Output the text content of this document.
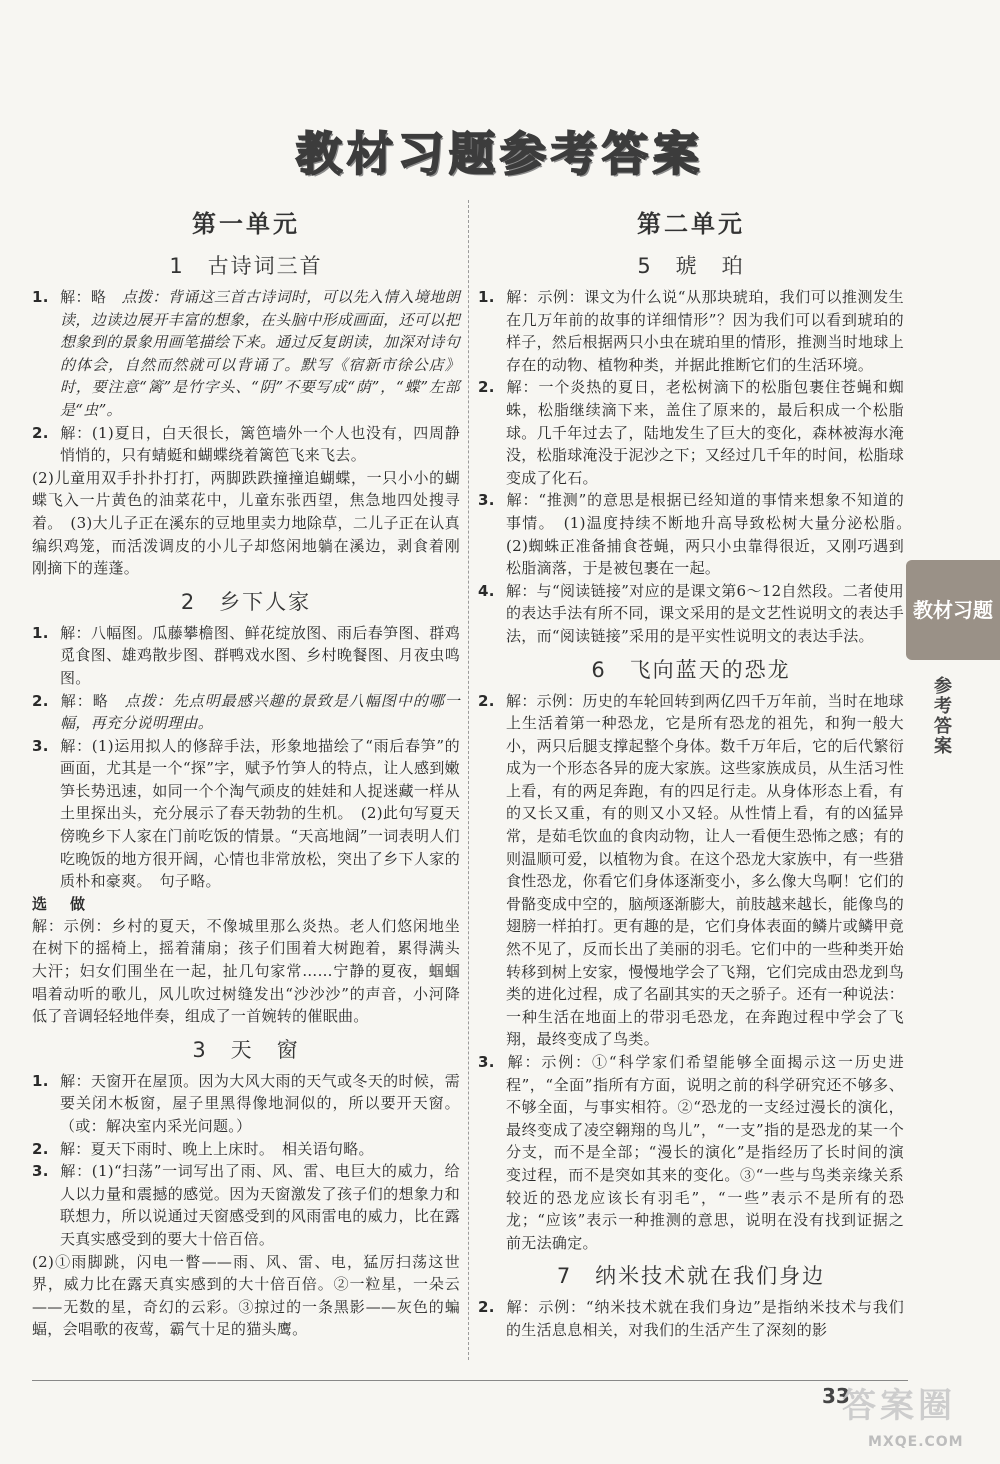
教材习题参考答案
第一单元
1　古诗词三首

1. 解：略　点拨：背诵这三首古诗词时，可以先入情入境地朗读，边读边展开丰富的想象，在头脑中形成画面，还可以把想象到的景象用画笔描绘下来。通过反复朗读，加深对诗句的体会，自然而然就可以背诵了。默写《宿新市徐公店》时，要注意“篱”是竹字头、“阴”不要写成“荫”，“蝶”左部是“虫”。

2. 解：(1)夏日，白天很长，篱笆墙外一个人也没有，四周静悄悄的，只有蜻蜓和蝴蝶绕着篱笆飞来飞去。

(2)儿童用双手扑扑打打，两脚跌跌撞撞追蝴蝶，一只小小的蝴蝶飞入一片黄色的油菜花中，儿童东张西望，焦急地四处搜寻着。　(3)大儿子正在溪东的豆地里卖力地除草，二儿子正在认真编织鸡笼，而活泼调皮的小儿子却悠闲地躺在溪边，剥食着刚刚摘下的莲蓬。

2　乡下人家

1. 解：八幅图。瓜藤攀檐图、鲜花绽放图、雨后春笋图、群鸡觅食图、雄鸡散步图、群鸭戏水图、乡村晚餐图、月夜虫鸣图。

2. 解：略　点拨：先点明最感兴趣的景致是八幅图中的哪一幅，再充分说明理由。

3. 解：(1)运用拟人的修辞手法，形象地描绘了“雨后春笋”的画面，尤其是一个“探”字，赋予竹笋人的特点，让人感到嫩笋长势迅速，如同一个个淘气顽皮的娃娃和人捉迷藏一样从土里探出头，充分展示了春天勃勃的生机。　(2)此句写夏天傍晚乡下人家在门前吃饭的情景。“天高地阔”一词表明人们吃晚饭的地方很开阔，心情也非常放松，突出了乡下人家的质朴和豪爽。　句子略。

选　做

解：示例：乡村的夏天，不像城里那么炎热。老人们悠闲地坐在树下的摇椅上，摇着蒲扇；孩子们围着大树跑着，累得满头大汗；妇女们围坐在一起，扯几句家常……宁静的夏夜，蝈蝈唱着动听的歌儿，风儿吹过树缝发出“沙沙沙”的声音，小河降低了音调轻轻地伴奏，组成了一首婉转的催眠曲。

3　天　窗

1. 解：天窗开在屋顶。因为大风大雨的天气或冬天的时候，需要关闭木板窗，屋子里黑得像地洞似的，所以要开天窗。（或：解决室内采光问题。）

2. 解：夏天下雨时、晚上上床时。　相关语句略。

3. 解：(1)“扫荡”一词写出了雨、风、雷、电巨大的威力，给人以力量和震撼的感觉。因为天窗激发了孩子们的想象力和联想力，所以说通过天窗感受到的风雨雷电的威力，比在露天真实感受到的要大十倍百倍。

(2)①雨脚跳，闪电一瞥——雨、风、雷、电，猛厉扫荡这世界，威力比在露天真实感到的大十倍百倍。②一粒星，一朵云——无数的星，奇幻的云彩。③掠过的一条黑影——灰色的蝙蝠，会唱歌的夜莺，霸气十足的猫头鹰。

第二单元
5　琥　珀

1. 解：示例：课文为什么说“从那块琥珀，我们可以推测发生在几万年前的故事的详细情形”？因为我们可以看到琥珀的样子，然后根据两只小虫在琥珀里的情形，推测当时地球上存在的动物、植物种类，并据此推断它们的生活环境。

2. 解：一个炎热的夏日，老松树滴下的松脂包裹住苍蝇和蜘蛛，松脂继续滴下来，盖住了原来的，最后积成一个松脂球。几千年过去了，陆地发生了巨大的变化，森林被海水淹没，松脂球淹没于泥沙之下；又经过几千年的时间，松脂球变成了化石。

3. 解：“推测”的意思是根据已经知道的事情来想象不知道的事情。　(1)温度持续不断地升高导致松树大量分泌松脂。　(2)蜘蛛正准备捕食苍蝇，两只小虫靠得很近，又刚巧遇到松脂滴落，于是被包裹在一起。

4. 解：与“阅读链接”对应的是课文第6～12自然段。二者使用的表达手法有所不同，课文采用的是文艺性说明文的表达手法，而“阅读链接”采用的是平实性说明文的表达手法。

6　飞向蓝天的恐龙

2. 解：示例：历史的车轮回转到两亿四千万年前，当时在地球上生活着第一种恐龙，它是所有恐龙的祖先，和狗一般大小，两只后腿支撑起整个身体。数千万年后，它的后代繁衍成为一个形态各异的庞大家族。这些家族成员，从生活习性上看，有的两足奔跑，有的四足行走。从身体形态上看，有的又长又重，有的则又小又轻。从性情上看，有的凶猛异常，是茹毛饮血的食肉动物，让人一看便生恐怖之感；有的则温顺可爱，以植物为食。在这个恐龙大家族中，有一些猎食性恐龙，你看它们身体逐渐变小，多么像大鸟啊！它们的骨骼变成中空的，脑颅逐渐膨大，前肢越来越长，能像鸟的翅膀一样拍打。更有趣的是，它们身体表面的鳞片或鳞甲竟然不见了，反而长出了美丽的羽毛。它们中的一些种类开始转移到树上安家，慢慢地学会了飞翔，它们完成由恐龙到鸟类的进化过程，成了名副其实的天之骄子。还有一种说法：一种生活在地面上的带羽毛恐龙，在奔跑过程中学会了飞翔，最终变成了鸟类。

3. 解：示例：①“科学家们希望能够全面揭示这一历史进程”，“全面”指所有方面，说明之前的科学研究还不够多、不够全面，与事实相符。②“恐龙的一支经过漫长的演化，最终变成了凌空翱翔的鸟儿”，“一支”指的是恐龙的某一个分支，而不是全部；“漫长的演化”是指经历了长时间的演变过程，而不是突如其来的变化。③“一些与鸟类亲缘关系较近的恐龙应该长有羽毛”，“一些”表示不是所有的恐龙；“应该”表示一种推测的意思，说明在没有找到证据之前无法确定。

7　纳米技术就在我们身边

2. 解：示例：“纳米技术就在我们身边”是指纳米技术与我们的生活息息相关，对我们的生活产生了深刻的影

教材习题
参考答案
33
答案圈
MXQE.COM
